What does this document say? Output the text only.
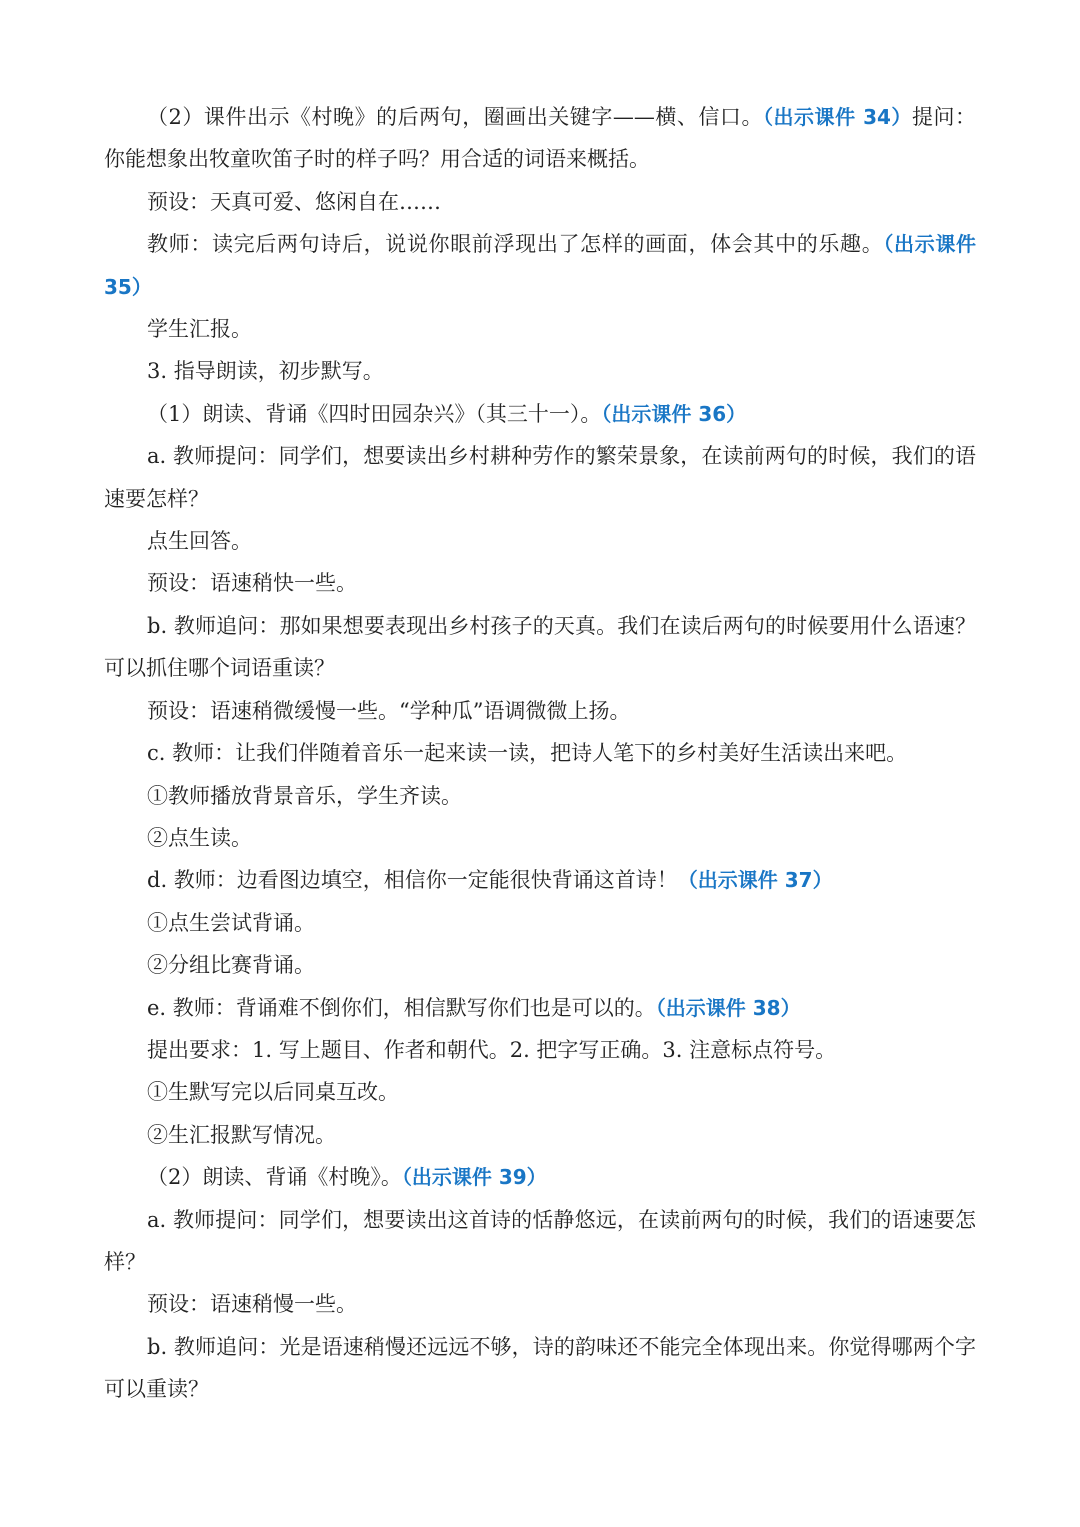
（2）课件出示《村晚》的后两句，圈画出关键字——横、信口。（出示课件 34）提问：你能想象出牧童吹笛子时的样子吗？用合适的词语来概括。

预设：天真可爱、悠闲自在……

教师：读完后两句诗后，说说你眼前浮现出了怎样的画面，体会其中的乐趣。（出示课件 35）

学生汇报。

3. 指导朗读，初步默写。

（1）朗读、背诵《四时田园杂兴》（其三十一）。（出示课件 36）

a. 教师提问：同学们，想要读出乡村耕种劳作的繁荣景象，在读前两句的时候，我们的语速要怎样？

点生回答。

预设：语速稍快一些。

b. 教师追问：那如果想要表现出乡村孩子的天真。我们在读后两句的时候要用什么语速？可以抓住哪个词语重读？

预设：语速稍微缓慢一些。“学种瓜”语调微微上扬。

c. 教师：让我们伴随着音乐一起来读一读，把诗人笔下的乡村美好生活读出来吧。

①教师播放背景音乐，学生齐读。

②点生读。

d. 教师：边看图边填空，相信你一定能很快背诵这首诗！（出示课件 37）

①点生尝试背诵。

②分组比赛背诵。

e. 教师：背诵难不倒你们，相信默写你们也是可以的。（出示课件 38）

提出要求：1. 写上题目、作者和朝代。2. 把字写正确。3. 注意标点符号。

①生默写完以后同桌互改。

②生汇报默写情况。

（2）朗读、背诵《村晚》。（出示课件 39）

a. 教师提问：同学们，想要读出这首诗的恬静悠远，在读前两句的时候，我们的语速要怎样？

预设：语速稍慢一些。

b. 教师追问：光是语速稍慢还远远不够，诗的韵味还不能完全体现出来。你觉得哪两个字可以重读？
